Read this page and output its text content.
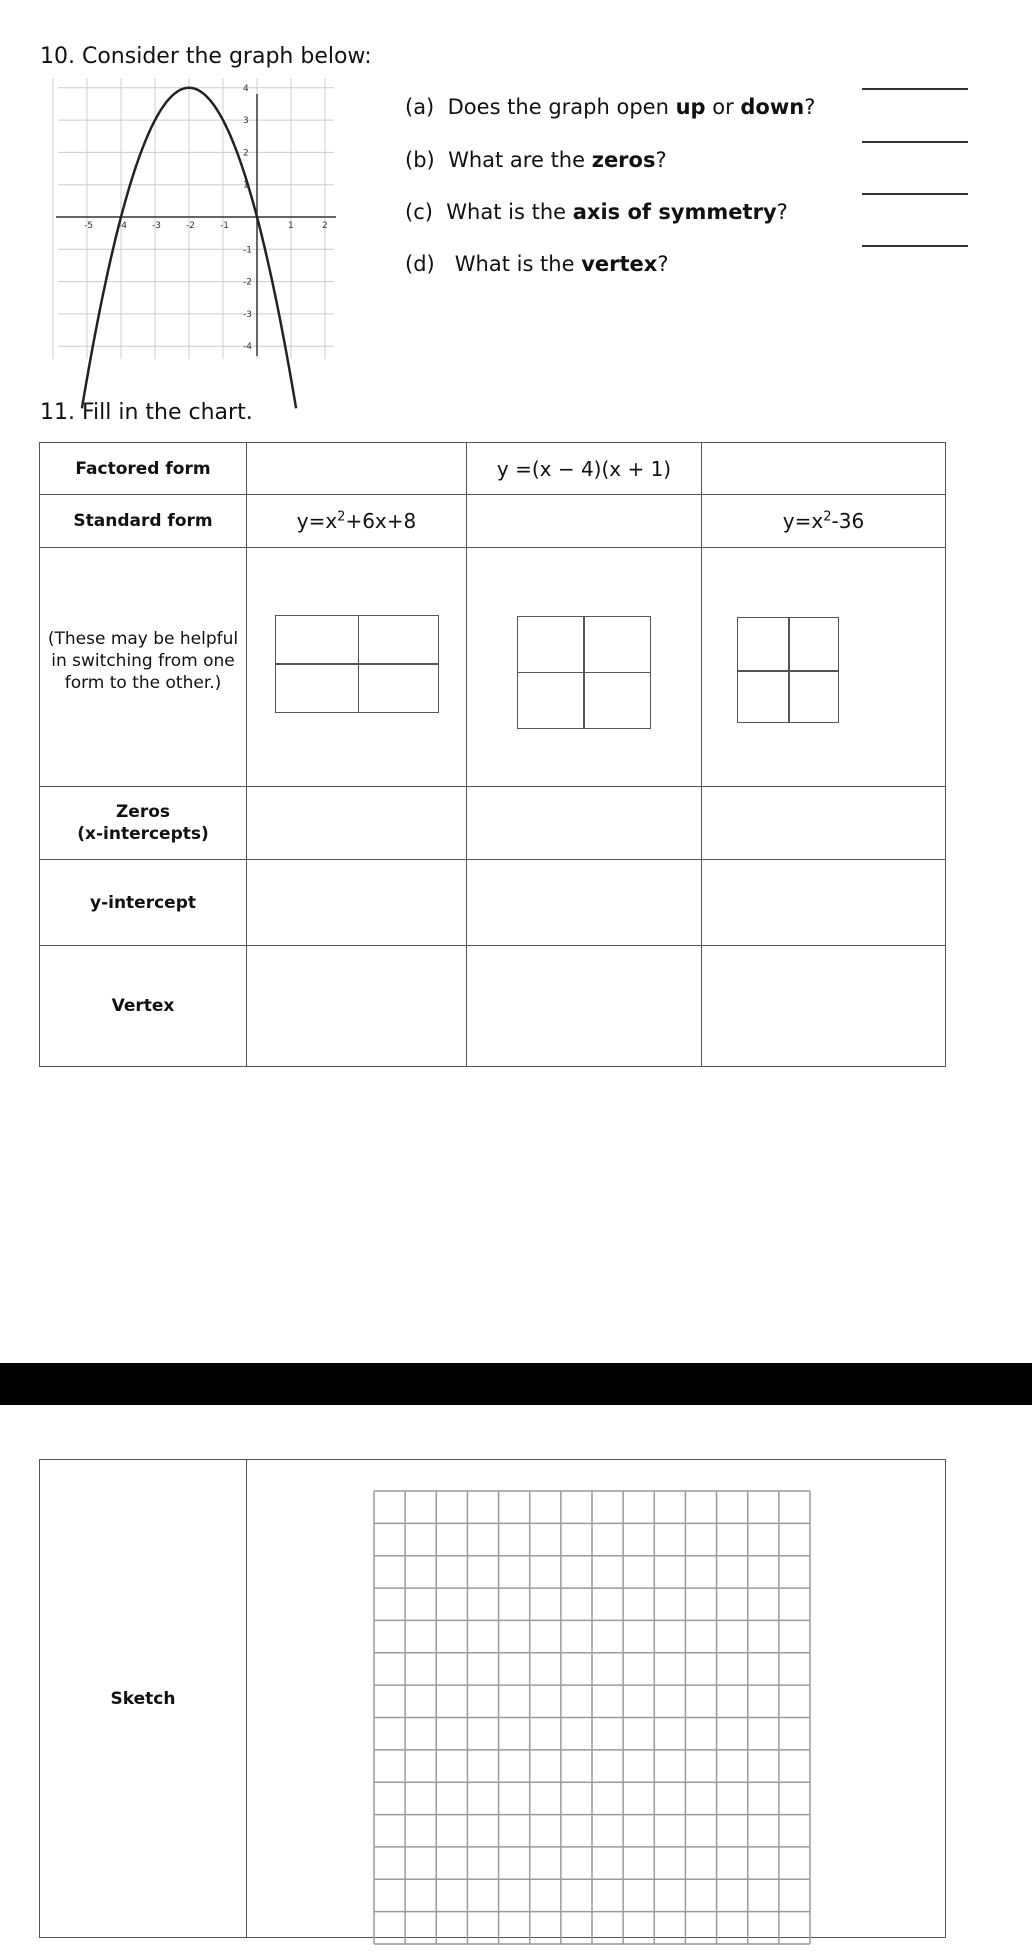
10. Consider the graph below:
-5	-4	-3	-2	-1	1	2
4
3
2
1
-1
-2
-3
-4
(a) Does the graph open up or down?
(b) What are the zeros?
(c) What is the axis of symmetry?
(d)   What is the vertex?
11. Fill in the chart.
Factored form		y =(x − 4)(x + 1)	
Standard form	$y=x^2+6x+8$		$y=x^2-36$
(These may be helpful in switching from one form to the other.)	

Zeros
(x-intercepts)			
y-intercept			
Vertex			
Sketch	
